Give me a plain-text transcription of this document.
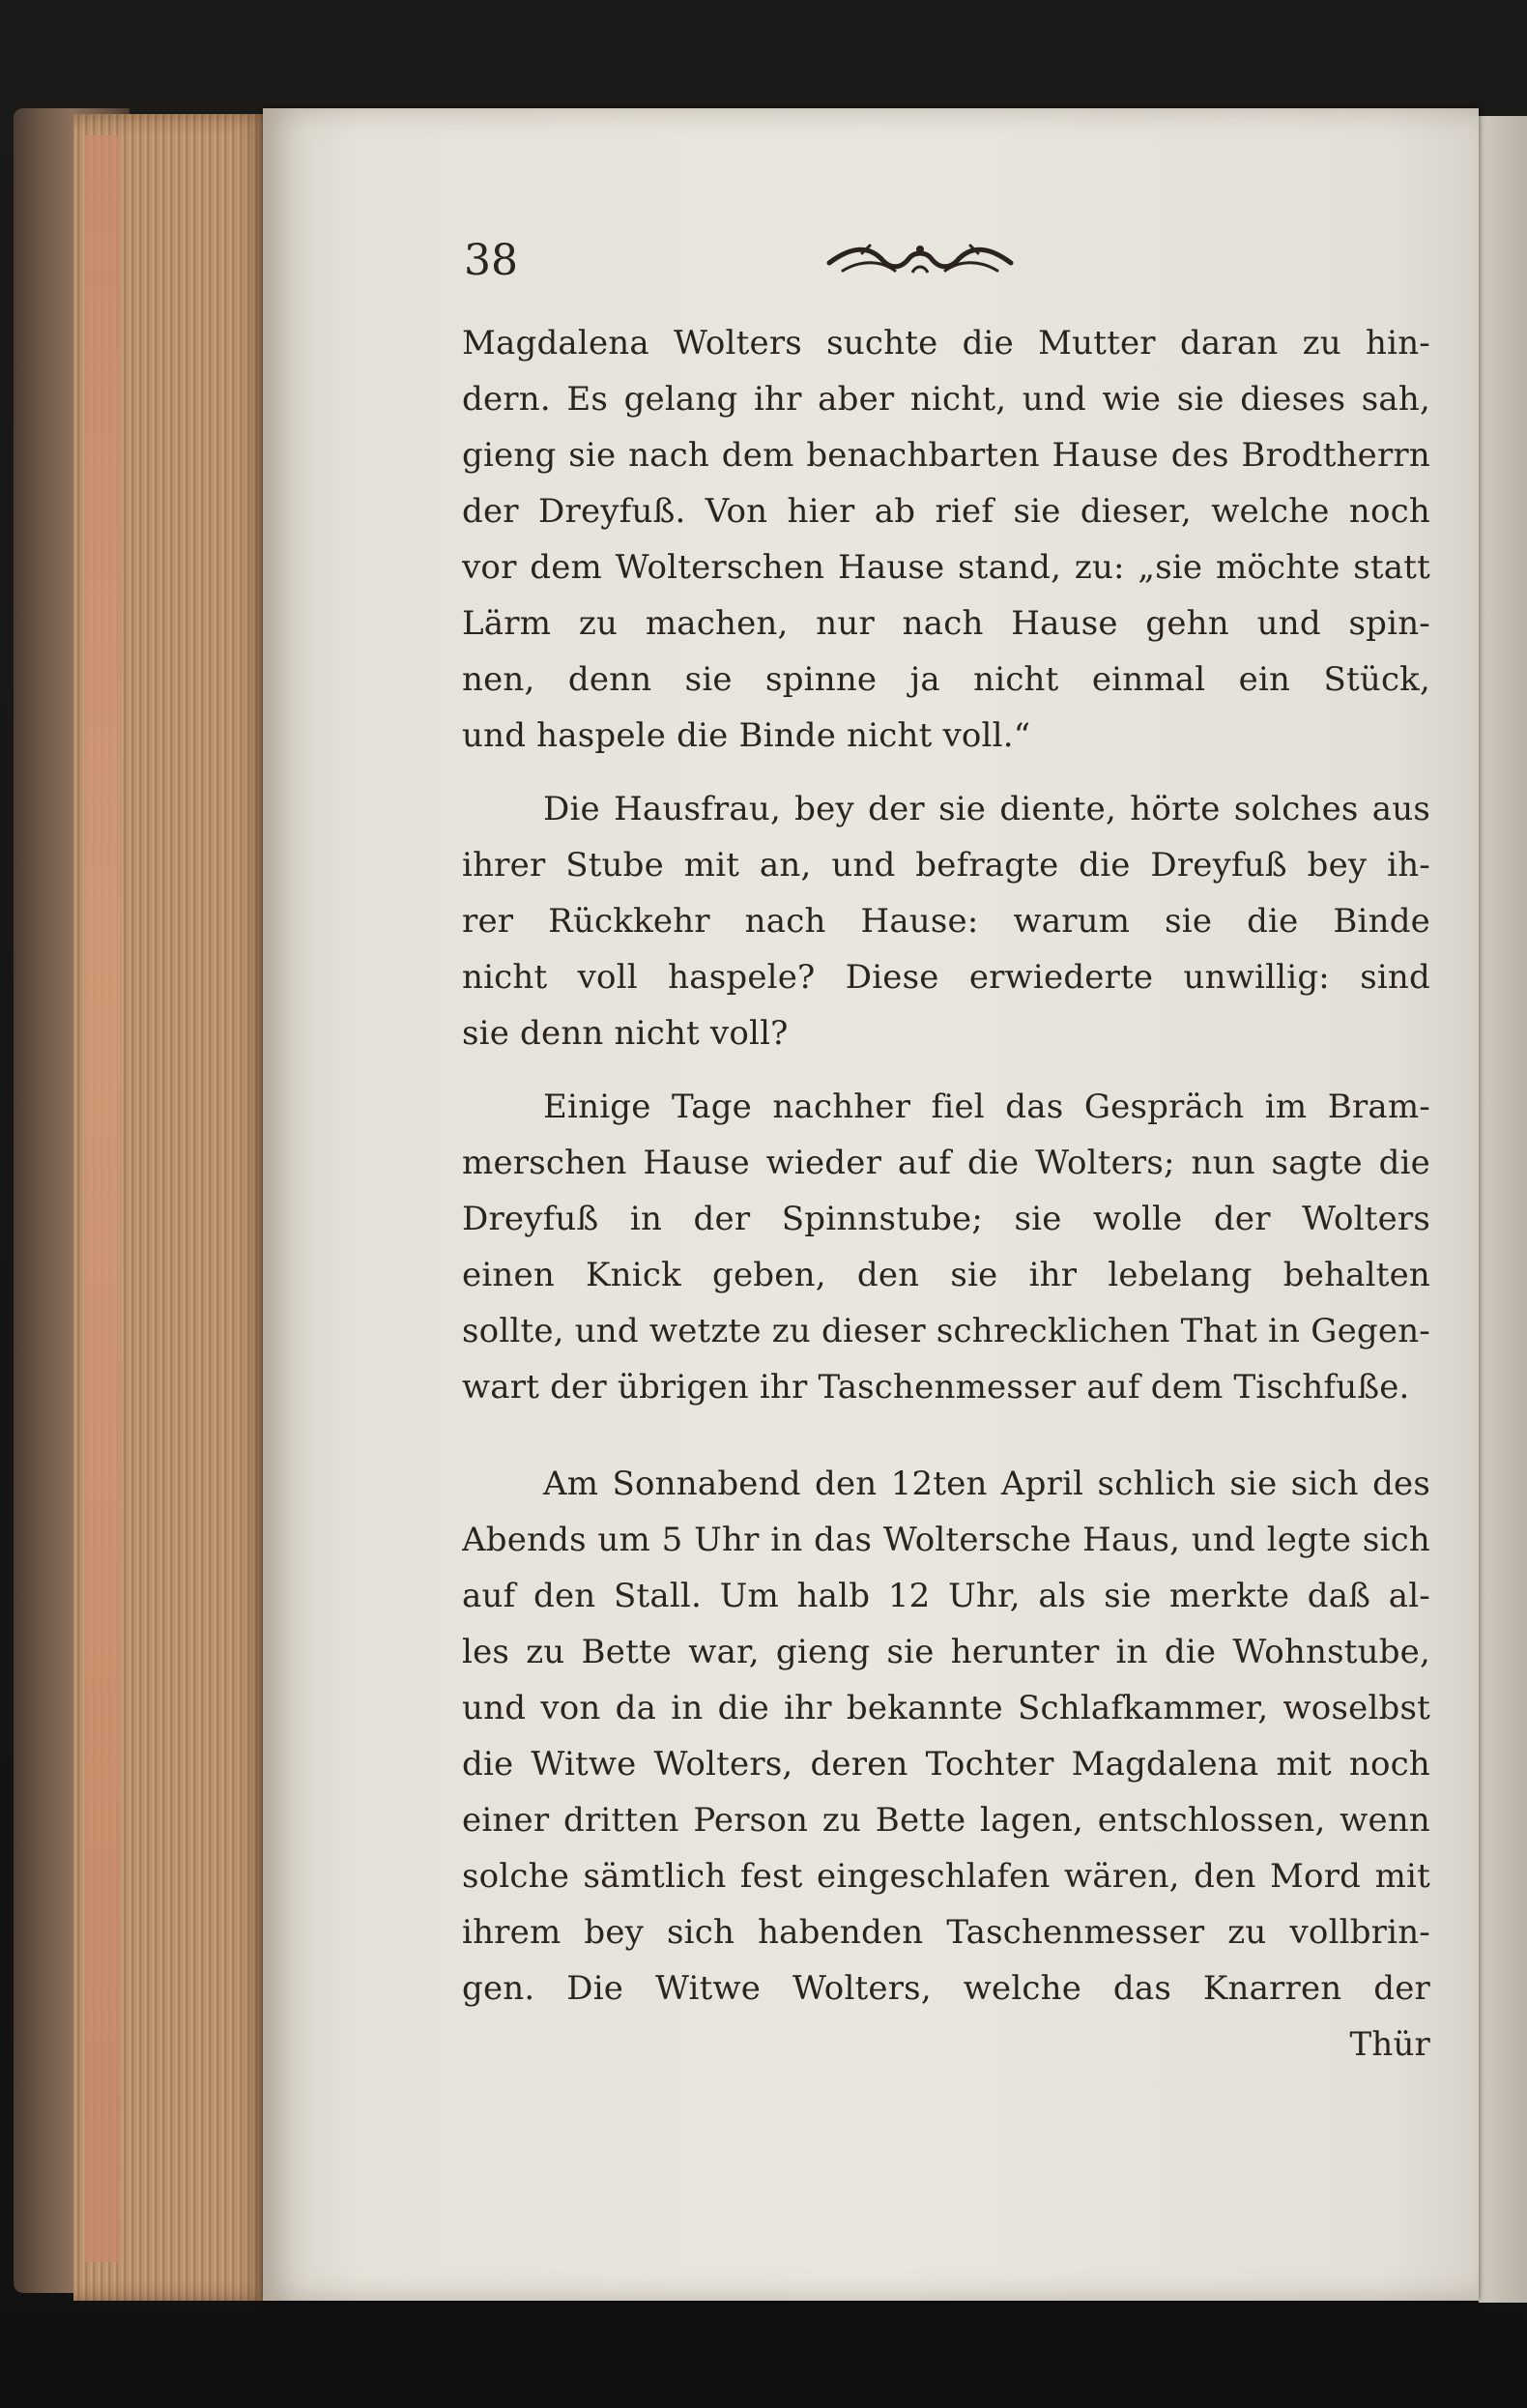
38
Magdalena Wolters suchte die Mutter daran zu hin-
dern. Es gelang ihr aber nicht, und wie sie dieses sah,
gieng sie nach dem benachbarten Hause des Brodtherrn
der Dreyfuß. Von hier ab rief sie dieser, welche noch
vor dem Wolterschen Hause stand, zu: „sie möchte statt
Lärm zu machen, nur nach Hause gehn und spin-
nen, denn sie spinne ja nicht einmal ein Stück,
und haspele die Binde nicht voll.“
Die Hausfrau, bey der sie diente, hörte solches aus
ihrer Stube mit an, und befragte die Dreyfuß bey ih-
rer Rückkehr nach Hause: warum sie die Binde
nicht voll haspele? Diese erwiederte unwillig: sind
sie denn nicht voll?
Einige Tage nachher fiel das Gespräch im Bram-
merschen Hause wieder auf die Wolters; nun sagte die
Dreyfuß in der Spinnstube; sie wolle der Wolters
einen Knick geben, den sie ihr lebelang behalten
sollte, und wetzte zu dieser schrecklichen That in Gegen-
wart der übrigen ihr Taschenmesser auf dem Tischfuße.
Am Sonnabend den 12ten April schlich sie sich des
Abends um 5 Uhr in das Woltersche Haus, und legte sich
auf den Stall. Um halb 12 Uhr, als sie merkte daß al-
les zu Bette war, gieng sie herunter in die Wohnstube,
und von da in die ihr bekannte Schlafkammer, woselbst
die Witwe Wolters, deren Tochter Magdalena mit noch
einer dritten Person zu Bette lagen, entschlossen, wenn
solche sämtlich fest eingeschlafen wären, den Mord mit
ihrem bey sich habenden Taschenmesser zu vollbrin-
gen. Die Witwe Wolters, welche das Knarren der
Thür
